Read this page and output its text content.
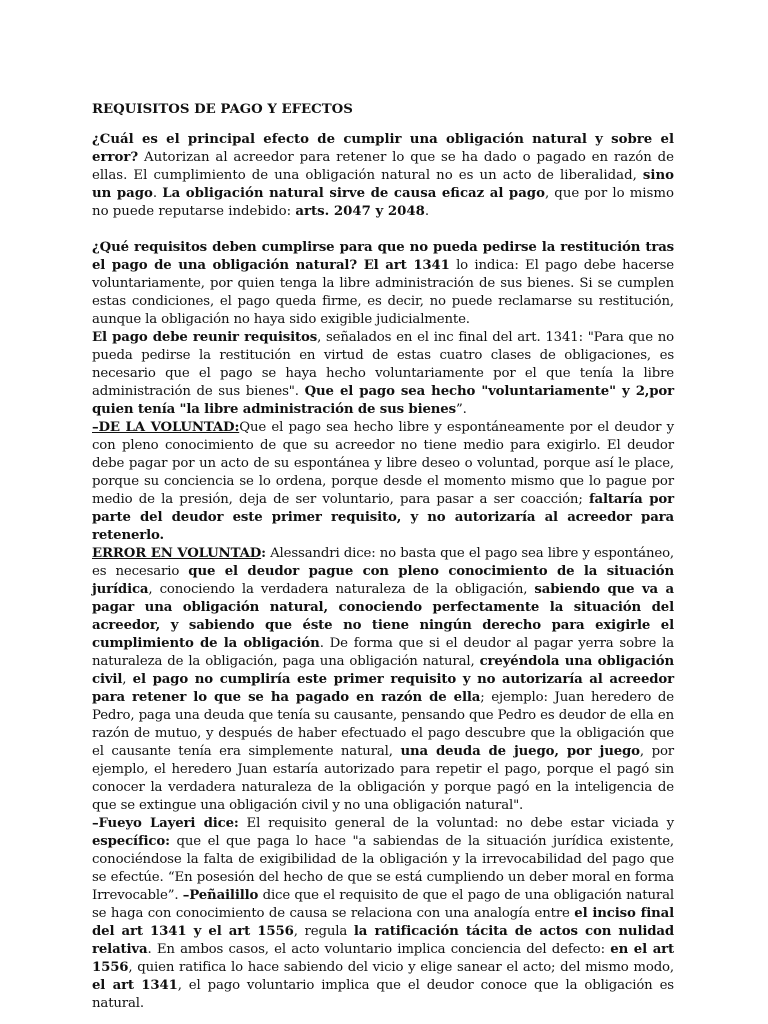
REQUISITOS DE PAGO Y EFECTOS

¿Cuál es el principal efecto de cumplir una obligación natural y sobre el error? Autorizan al acreedor para retener lo que se ha dado o pagado en razón de ellas. El cumplimiento de una obligación natural no es un acto de liberalidad, sino un pago. La obligación natural sirve de causa eficaz al pago, que por lo mismo no puede reputarse indebido: arts. 2047 y 2048.

¿Qué requisitos deben cumplirse para que no pueda pedirse la restitución tras el pago de una obligación natural? El art 1341 lo indica: El pago debe hacerse voluntariamente, por quien tenga la libre administración de sus bienes. Si se cumplen estas condiciones, el pago queda firme, es decir, no puede reclamarse su restitución, aunque la obligación no haya sido exigible judicialmente.

El pago debe reunir requisitos, señalados en el inc final del art. 1341: "Para que no pueda pedirse la restitución en virtud de estas cuatro clases de obligaciones, es necesario que el pago se haya hecho voluntariamente por el que tenía la libre administración de sus bienes". Que el pago sea hecho "voluntariamente" y 2,por quien tenía "la libre administración de sus bienes”.

–DE LA VOLUNTAD:Que el pago sea hecho libre y espontáneamente por el deudor y con pleno conocimiento de que su acreedor no tiene medio para exigirlo. El deudor debe pagar por un acto de su espontánea y libre deseo o voluntad, porque así le place, porque su conciencia se lo ordena, porque desde el momento mismo que lo pague por medio de la presión, deja de ser voluntario, para pasar a ser coacción; faltaría por parte del deudor este primer requisito, y no autorizaría al acreedor para retenerlo.

ERROR EN VOLUNTAD: Alessandri dice: no basta que el pago sea libre y espontáneo, es necesario que el deudor pague con pleno conocimiento de la situación jurídica, conociendo la verdadera naturaleza de la obligación, sabiendo que va a pagar una obligación natural, conociendo perfectamente la situación del acreedor, y sabiendo que éste no tiene ningún derecho para exigirle el cumplimiento de la obligación. De forma que si el deudor al pagar yerra sobre la naturaleza de la obligación, paga una obligación natural, creyéndola una obligación civil, el pago no cumpliría este primer requisito y no autorizaría al acreedor para retener lo que se ha pagado en razón de ella; ejemplo: Juan heredero de Pedro, paga una deuda que tenía su causante, pensando que Pedro es deudor de ella en razón de mutuo, y después de haber efectuado el pago descubre que la obligación que el causante tenía era simplemente natural, una deuda de juego, por juego, por ejemplo, el heredero Juan estaría autorizado para repetir el pago, porque el pagó sin conocer la verdadera naturaleza de la obligación y porque pagó en la inteligencia de que se extingue una obligación civil y no una obligación natural".

–Fueyo Layeri dice: El requisito general de la voluntad: no debe estar viciada y específico: que el que paga lo hace "a sabiendas de la situación jurídica existente, conociéndose la falta de exigibilidad de la obligación y la irrevocabilidad del pago que se efectúe. “En posesión del hecho de que se está cumpliendo un deber moral en forma Irrevocable”. –Peñailillo dice que el requisito de que el pago de una obligación natural se haga con conocimiento de causa se relaciona con una analogía entre el inciso final del art 1341 y el art 1556, regula la ratificación tácita de actos con nulidad relativa. En ambos casos, el acto voluntario implica conciencia del defecto: en el art 1556, quien ratifica lo hace sabiendo del vicio y elige sanear el acto; del mismo modo, el art 1341, el pago voluntario implica que el deudor conoce que la obligación es natural.
